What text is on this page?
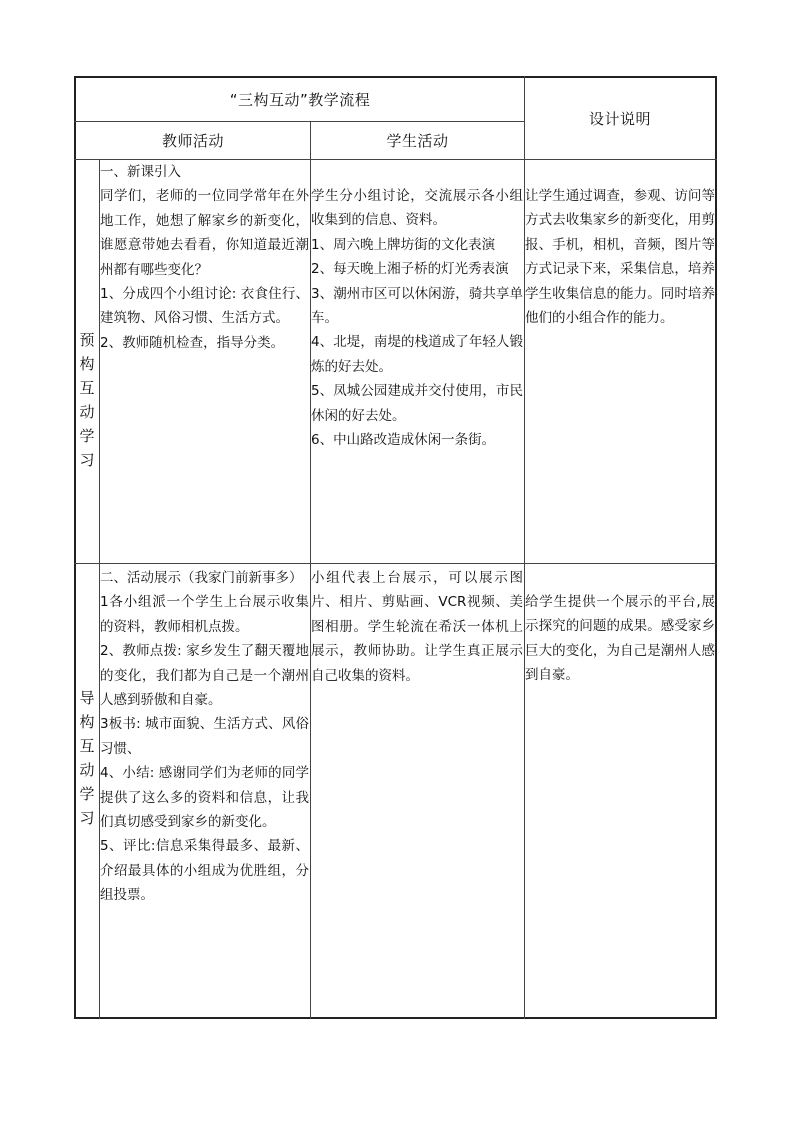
“三构互动”教学流程
设计说明
教师活动	学生活动
预构互动学习
一、新课引入
同学们，老师的一位同学常年在外地工作，她想了解家乡的新变化，谁愿意带她去看看，你知道最近潮州都有哪些变化？
1、分成四个小组讨论: 衣食住行、建筑物、风俗习惯、生活方式。
2、教师随机检查，指导分类。
学生分小组讨论，交流展示各小组收集到的信息、资料。
1、周六晚上牌坊街的文化表演
2、每天晚上湘子桥的灯光秀表演
3、潮州市区可以休闲游，骑共享单车。
4、北堤，南堤的栈道成了年轻人锻炼的好去处。
5、凤城公园建成并交付使用，市民休闲的好去处。
6、中山路改造成休闲一条街。
让学生通过调查，参观、访问等方式去收集家乡的新变化，用剪报、手机，相机，音频，图片等方式记录下来，采集信息，培养学生收集信息的能力。同时培养他们的小组合作的能力。
导构互动学习
二、活动展示（我家门前新事多）
1各小组派一个学生上台展示收集的资料，教师相机点拨。
2、教师点拨: 家乡发生了翻天覆地的变化，我们都为自己是一个潮州人感到骄傲和自豪。
3板书: 城市面貌、生活方式、风俗习惯、
4、小结: 感谢同学们为老师的同学提供了这么多的资料和信息，让我们真切感受到家乡的新变化。
5、评比:信息采集得最多、最新、介绍最具体的小组成为优胜组，分组投票。
小组代表上台展示，可以展示图片、相片、剪贴画、VCR视频、美图相册。学生轮流在希沃一体机上展示，教师协助。让学生真正展示自己收集的资料。
给学生提供一个展示的平台,展示探究的问题的成果。感受家乡巨大的变化，为自己是潮州人感到自豪。
